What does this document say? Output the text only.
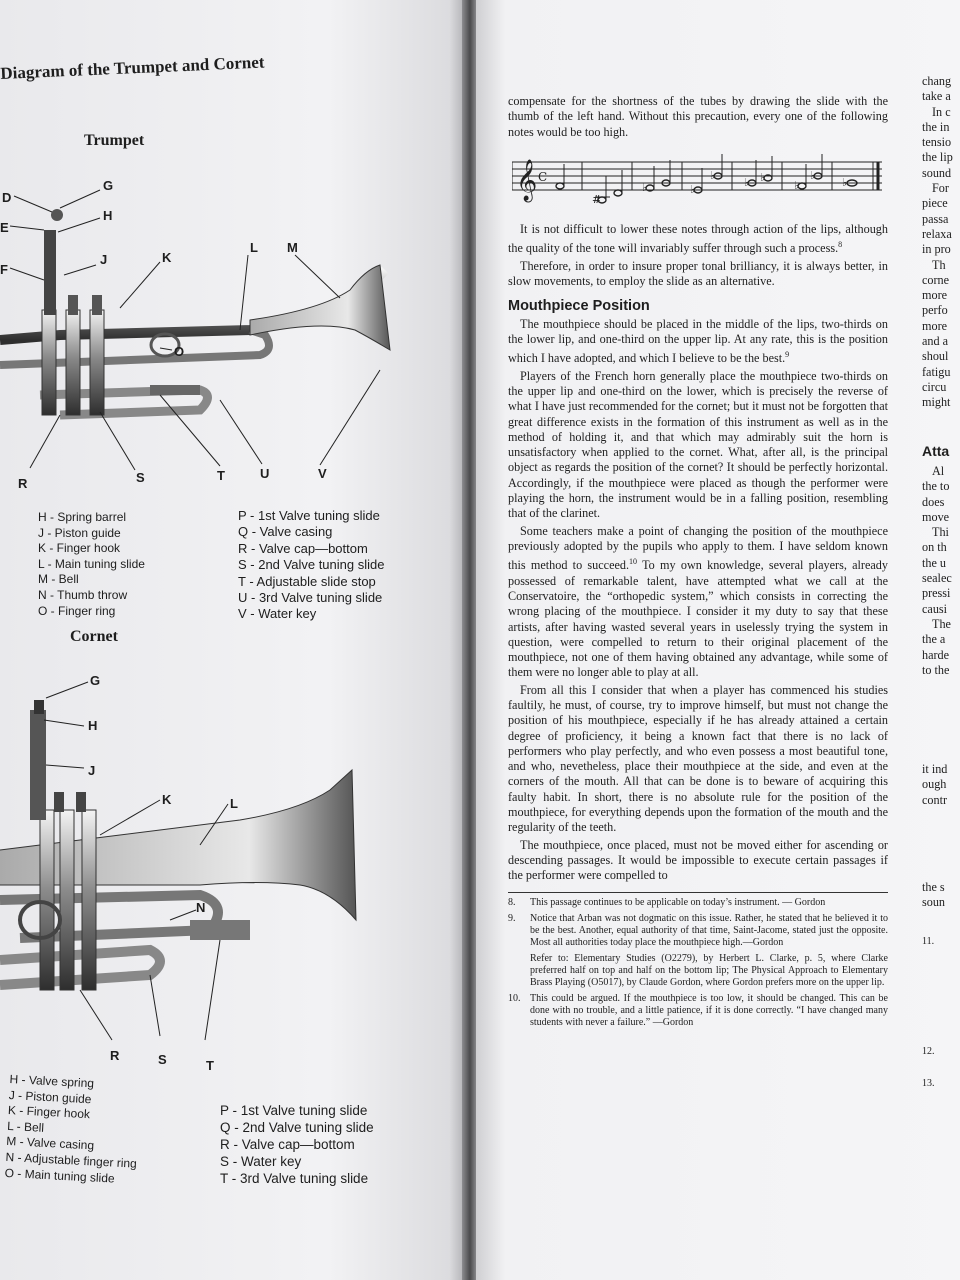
Diagram of the Trumpet and Cornet
Trumpet
D
E
F
G
H
J	K
L M
O
R	S	T	U	V
H - Spring barrel
J - Piston guide
K - Finger hook
L - Main tuning slide
M - Bell
N - Thumb throw
O - Finger ring
P - 1st Valve tuning slide
Q - Valve casing
R - Valve cap—bottom
S - 2nd Valve tuning slide
T - Adjustable slide stop
U - 3rd Valve tuning slide
V - Water key
Cornet
G
H
J
K	L
N
R	S	T
H - Valve spring
J - Piston guide
K - Finger hook
L - Bell
M - Valve casing
N - Adjustable finger ring
O - Main tuning slide
P - 1st Valve tuning slide
Q - 2nd Valve tuning slide
R - Valve cap—bottom
S - Water key
T - 3rd Valve tuning slide

compensate for the shortness of the tubes by drawing the slide with the thumb of the left hand. Without this precaution, every one of the following notes would be too high.

𝄞 C
#
♭	♭
♭
♭ ♭
♭
♭
♭

It is not difficult to lower these notes through action of the lips, although the quality of the tone will invariably suffer through such a process.$^8$

Therefore, in order to insure proper tonal brilliancy, it is always better, in slow movements, to employ the slide as an alternative.

Mouthpiece Position

The mouthpiece should be placed in the middle of the lips, two-thirds on the lower lip, and one-third on the upper lip. At any rate, this is the position which I have adopted, and which I believe to be the best.$^9$

Players of the French horn generally place the mouthpiece two-thirds on the upper lip and one-third on the lower, which is precisely the reverse of what I have just recommended for the cornet; but it must not be forgotten that great difference exists in the formation of this instrument as well as in the method of holding it, and that which may admirably suit the horn is unsatisfactory when applied to the cornet. What, after all, is the principal object as regards the position of the cornet? It should be perfectly horizontal. Accordingly, if the mouthpiece were placed as though the performer were playing the horn, the instrument would be in a falling position, resembling that of the clarinet.

Some teachers make a point of changing the position of the mouthpiece previously adopted by the pupils who apply to them. I have seldom known this method to succeed.$^{10}$ To my own knowledge, several players, already possessed of remarkable talent, have attempted what we call at the Conservatoire, the “orthopedic system,” which consists in correcting the wrong placing of the mouthpiece. I consider it my duty to say that these artists, after having wasted several years in uselessly trying the system in question, were compelled to return to their original placement of the mouthpiece, not one of them having obtained any advantage, while some of them were no longer able to play at all.

From all this I consider that when a player has commenced his studies faultily, he must, of course, try to improve himself, but must not change the position of his mouthpiece, especially if he has already attained a certain degree of proficiency, it being a known fact that there is no lack of performers who play perfectly, and who even possess a most beautiful tone, and who, nevetheless, place their mouthpiece at the side, and even at the corners of the mouth. All that can be done is to beware of acquiring this faulty habit. In short, there is no absolute rule for the position of the mouthpiece, for everything depends upon the formation of the mouth and the regularity of the teeth.

The mouthpiece, once placed, must not be moved either for ascending or descending passages. It would be impossible to execute certain passages if the performer were compelled to

8.	This passage continues to be applicable on today’s instrument. — Gordon
9.	Notice that Arban was not dogmatic on this issue. Rather, he stated that he believed it to be the best. Another, equal authority of that time, Saint-Jacome, stated just the opposite. Most all authorities today place the mouthpiece high.—Gordon
Refer to: Elementary Studies (O2279), by Herbert L. Clarke, p. 5, where Clarke preferred half on top and half on the bottom lip; The Physical Approach to Elementary Brass Playing (O5017), by Claude Gordon, where Gordon prefers more on the upper lip.
10. This could be argued. If the mouthpiece is too low, it should be changed. This can be done with no trouble, and a little patience, if it is done correctly. “I have changed many students with never a failure.” —Gordon
chang
take a
In c
the in
tensio
the lip
sound
For
piece
passa
relaxa
in pro
Th
corne
more
perfo
more
and a
shoul
fatigu
circu
might
Atta
Al
the to
does
move
Thi
on th
the u
sealec
pressi
causi
The
the a
harde
to the
it ind
ough
contr
the s
soun
11.
12.
13.
